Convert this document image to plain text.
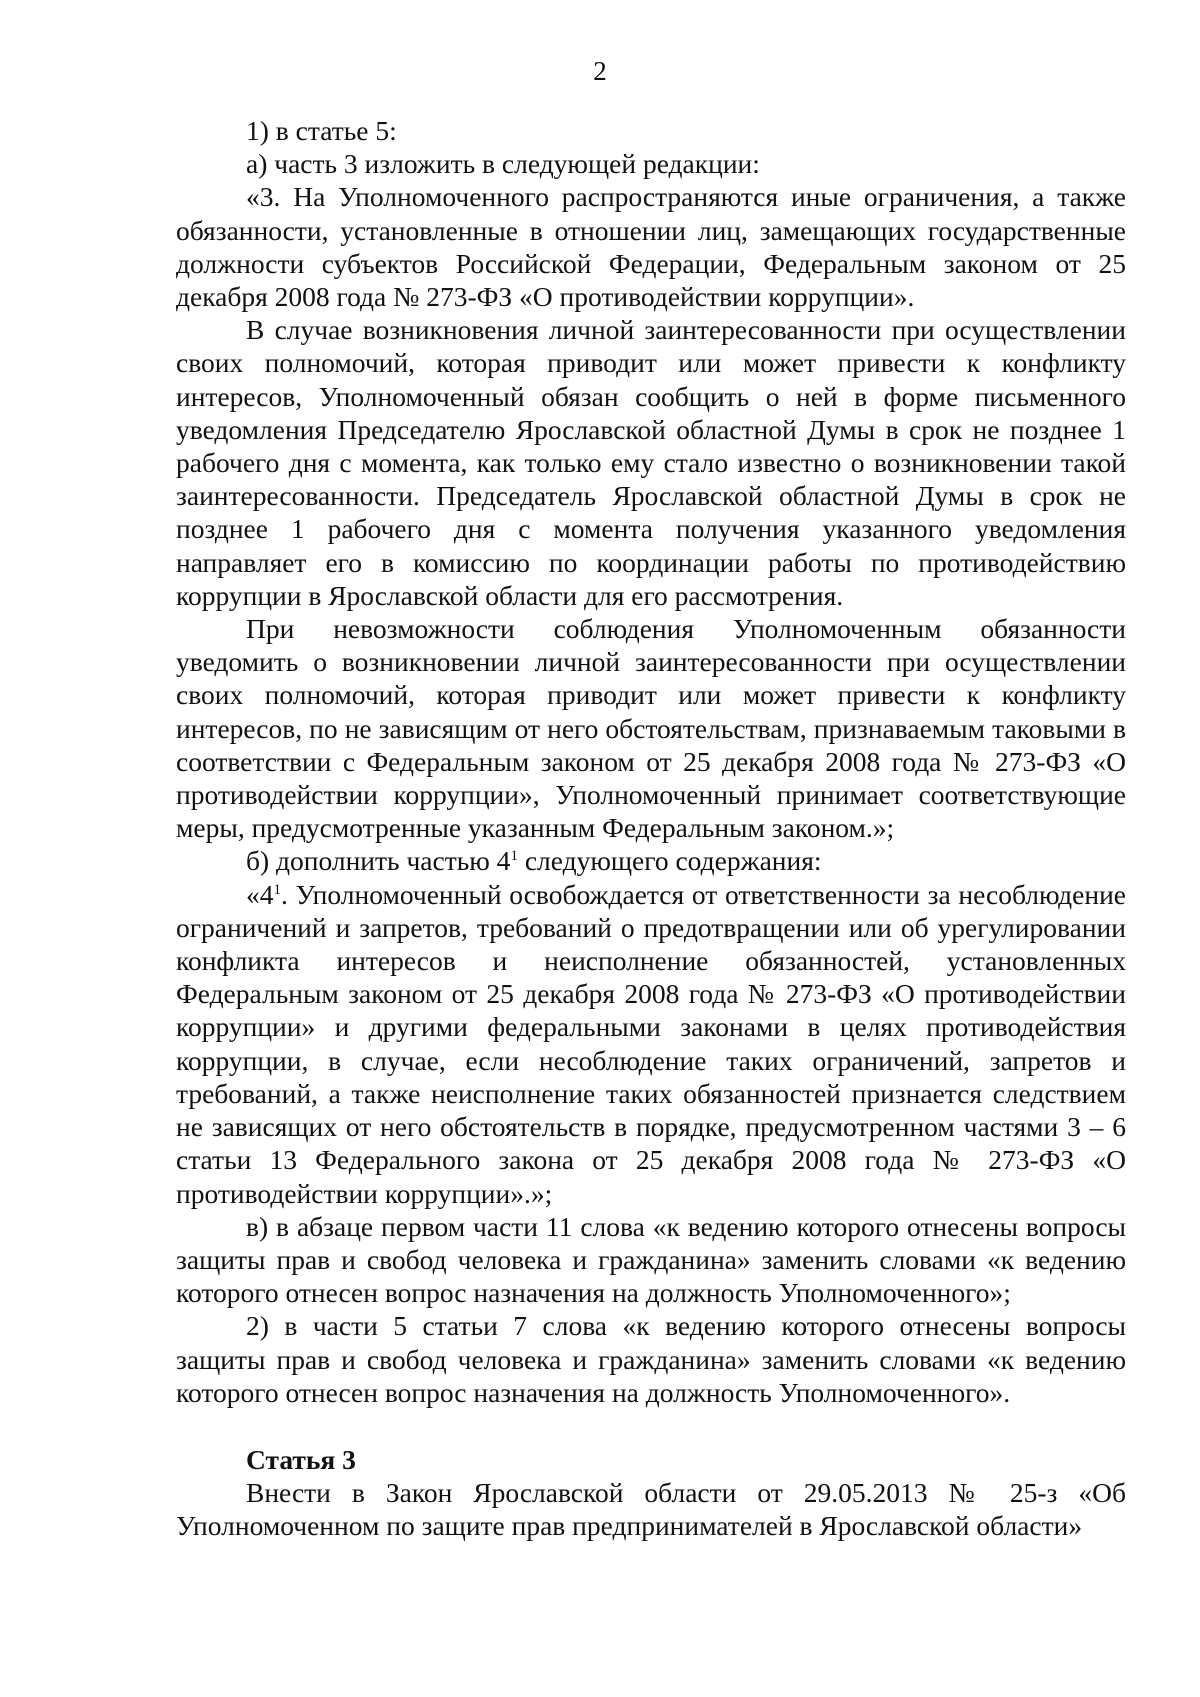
2

1) в статье 5:

а) часть 3 изложить в следующей редакции:

«3. На Уполномоченного распространяются иные ограничения, а также обязанности, установленные в отношении лиц, замещающих государственные должности субъектов Российской Федерации, Федеральным законом от 25 декабря 2008 года № 273-ФЗ «О противодействии коррупции».

В случае возникновения личной заинтересованности при осуществлении своих полномочий, которая приводит или может привести к конфликту интересов, Уполномоченный обязан сообщить о ней в форме письменного уведомления Председателю Ярославской областной Думы в срок не позднее 1 рабочего дня с момента, как только ему стало известно о возникновении такой заинтересованности. Председатель Ярославской областной Думы в срок не позднее 1 рабочего дня с момента получения указанного уведомления направляет его в комиссию по координации работы по противодействию коррупции в Ярославской области для его рассмотрения.

При невозможности соблюдения Уполномоченным обязанности уведомить о возникновении личной заинтересованности при осуществлении своих полномочий, которая приводит или может привести к конфликту интересов, по не зависящим от него обстоятельствам, признаваемым таковыми в соответствии с Федеральным законом от 25 декабря 2008 года № 273-ФЗ «О противодействии коррупции», Уполномоченный принимает соответствующие меры, предусмотренные указанным Федеральным законом.»;

б) дополнить частью $4^1$ следующего содержания:

«$4^1$. Уполномоченный освобождается от ответственности за несоблюдение ограничений и запретов, требований о предотвращении или об урегулировании конфликта интересов и неисполнение обязанностей, установленных Федеральным законом от 25 декабря 2008 года № 273-ФЗ «О противодействии коррупции» и другими федеральными законами в целях противодействия коррупции, в случае, если несоблюдение таких ограничений, запретов и требований, а также неисполнение таких обязанностей признается следствием не зависящих от него обстоятельств в порядке, предусмотренном частями 3 – 6 статьи 13 Федерального закона от 25 декабря 2008 года № 273-ФЗ «О противодействии коррупции».»;

в) в абзаце первом части 11 слова «к ведению которого отнесены вопросы защиты прав и свобод человека и гражданина» заменить словами «к ведению которого отнесен вопрос назначения на должность Уполномоченного»;

2) в части 5 статьи 7 слова «к ведению которого отнесены вопросы защиты прав и свобод человека и гражданина» заменить словами «к ведению которого отнесен вопрос назначения на должность Уполномоченного».

Статья 3

Внести в Закон Ярославской области от 29.05.2013 № 25-з «Об Уполномоченном по защите прав предпринимателей в Ярославской области»
